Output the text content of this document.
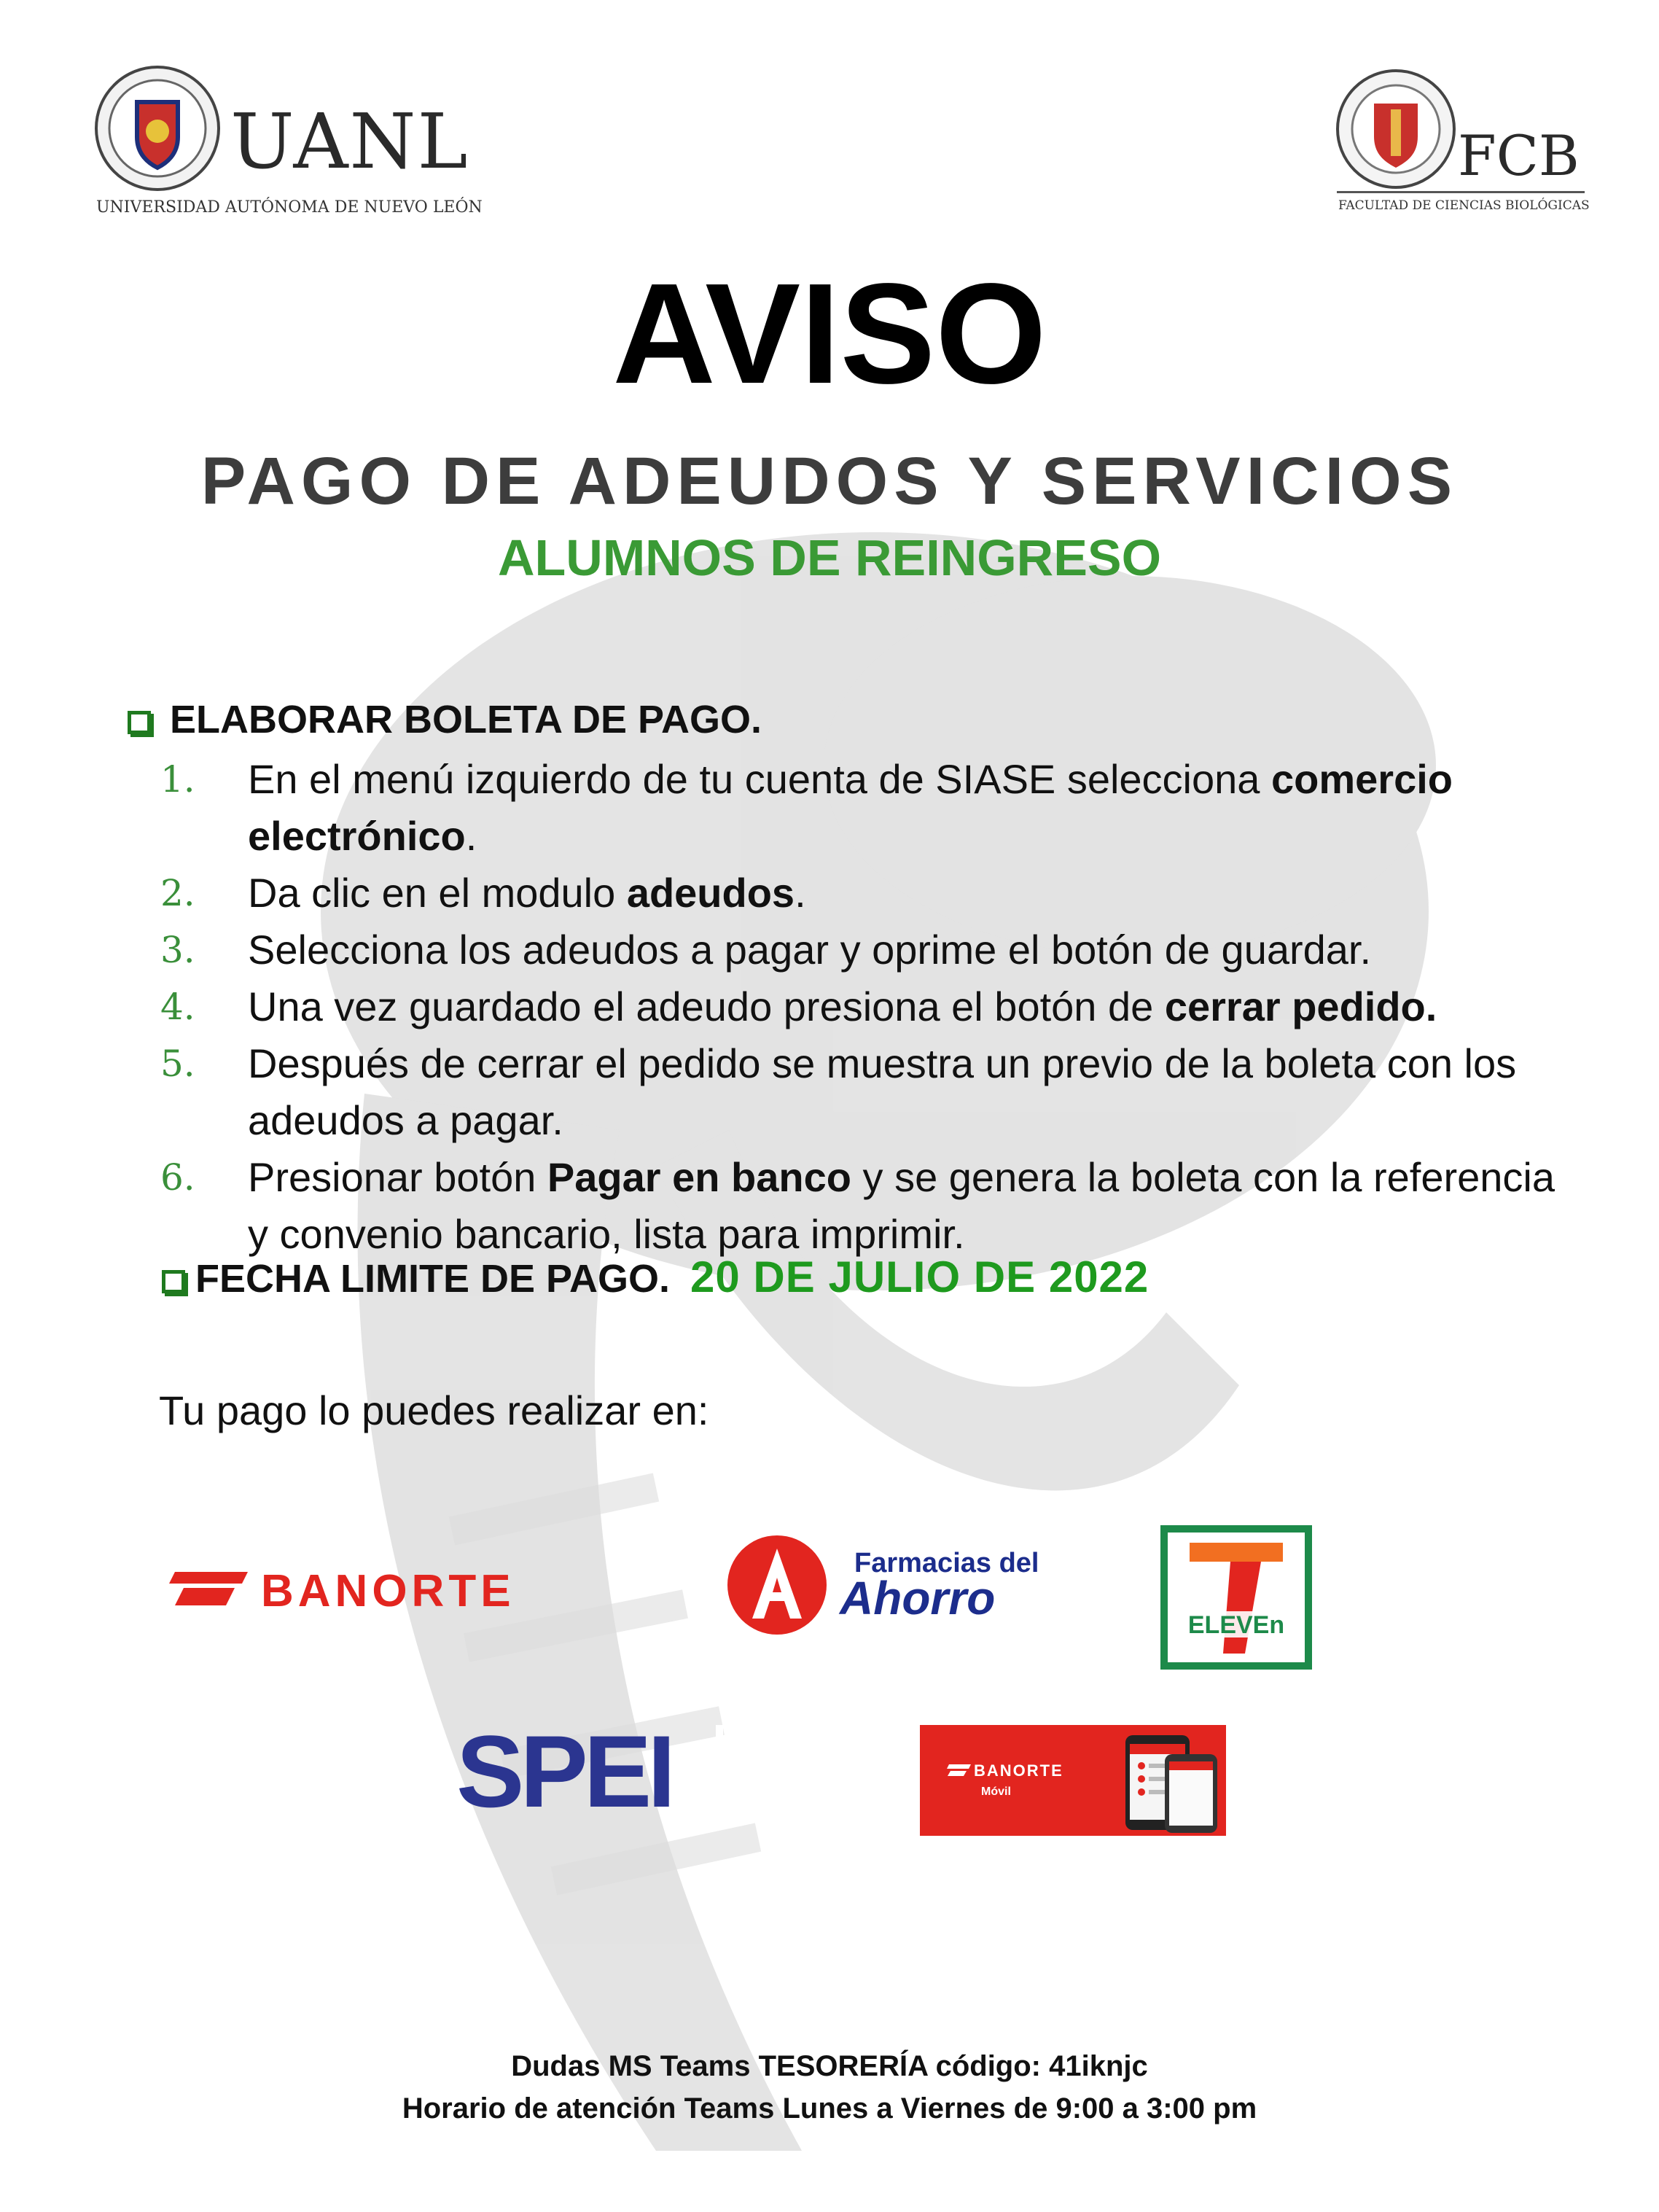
UANL
UNIVERSIDAD AUTÓNOMA DE NUEVO LEÓN
FCB
FACULTAD DE CIENCIAS BIOLÓGICAS
AVISO
PAGO DE ADEUDOS Y SERVICIOS
ALUMNOS DE REINGRESO
ELABORAR BOLETA DE PAGO.
1. En el menú izquierdo de tu cuenta de SIASE selecciona comercio electrónico.
2. Da clic en el modulo adeudos.
3. Selecciona los adeudos a pagar y oprime el botón de guardar.
4. Una vez guardado el adeudo presiona el botón de cerrar pedido.
5. Después de cerrar el pedido se muestra un previo de la boleta con los adeudos a pagar.
6. Presionar botón Pagar en banco y se genera la boleta con la referencia y convenio bancario, lista para imprimir.
FECHA LIMITE DE PAGO. 20 DE JULIO DE 2022
Tu pago lo puedes realizar en:
BANORTE
Farmacias del
Ahorro
ELEVEn
SPEI	BANORTE
Móvil
Dudas MS Teams TESORERÍA código: 41iknjc
Horario de atención Teams Lunes a Viernes de 9:00 a 3:00 pm
